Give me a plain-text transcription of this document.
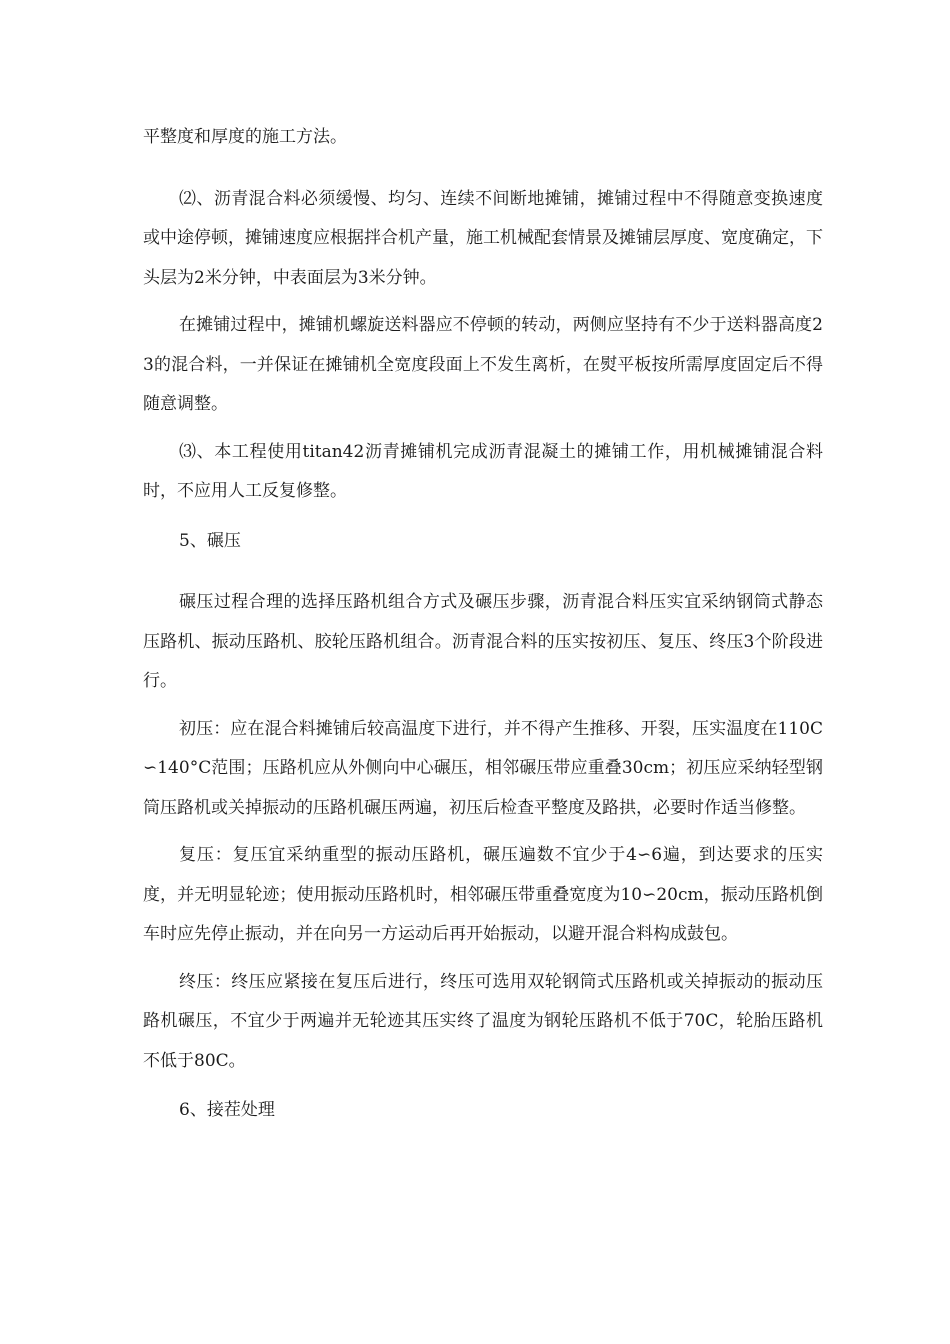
平整度和厚度的施工方法。

⑵、沥青混合料必须缓慢、均匀、连续不间断地摊铺，摊铺过程中不得随意变换速度或中途停顿，摊铺速度应根据拌合机产量，施工机械配套情景及摊铺层厚度、宽度确定，下头层为2米分钟，中表面层为3米分钟。

在摊铺过程中，摊铺机螺旋送料器应不停顿的转动，两侧应坚持有不少于送料器高度23的混合料，一并保证在摊铺机全宽度段面上不发生离析，在熨平板按所需厚度固定后不得随意调整。

⑶、本工程使用titan42沥青摊铺机完成沥青混凝土的摊铺工作，用机械摊铺混合料时，不应用人工反复修整。

5、碾压

碾压过程合理的选择压路机组合方式及碾压步骤，沥青混合料压实宜采纳钢筒式静态压路机、振动压路机、胶轮压路机组合。沥青混合料的压实按初压、复压、终压3个阶段进行。

初压：应在混合料摊铺后较高温度下进行，并不得产生推移、开裂，压实温度在110C∽140°C范围；压路机应从外侧向中心碾压，相邻碾压带应重叠30cm；初压应采纳轻型钢筒压路机或关掉振动的压路机碾压两遍，初压后检查平整度及路拱，必要时作适当修整。

复压：复压宜采纳重型的振动压路机，碾压遍数不宜少于4∽6遍，到达要求的压实度，并无明显轮迹；使用振动压路机时，相邻碾压带重叠宽度为10∽20cm，振动压路机倒车时应先停止振动，并在向另一方运动后再开始振动，以避开混合料构成鼓包。

终压：终压应紧接在复压后进行，终压可选用双轮钢筒式压路机或关掉振动的振动压路机碾压，不宜少于两遍并无轮迹其压实终了温度为钢轮压路机不低于70C，轮胎压路机不低于80C。

6、接茬处理
